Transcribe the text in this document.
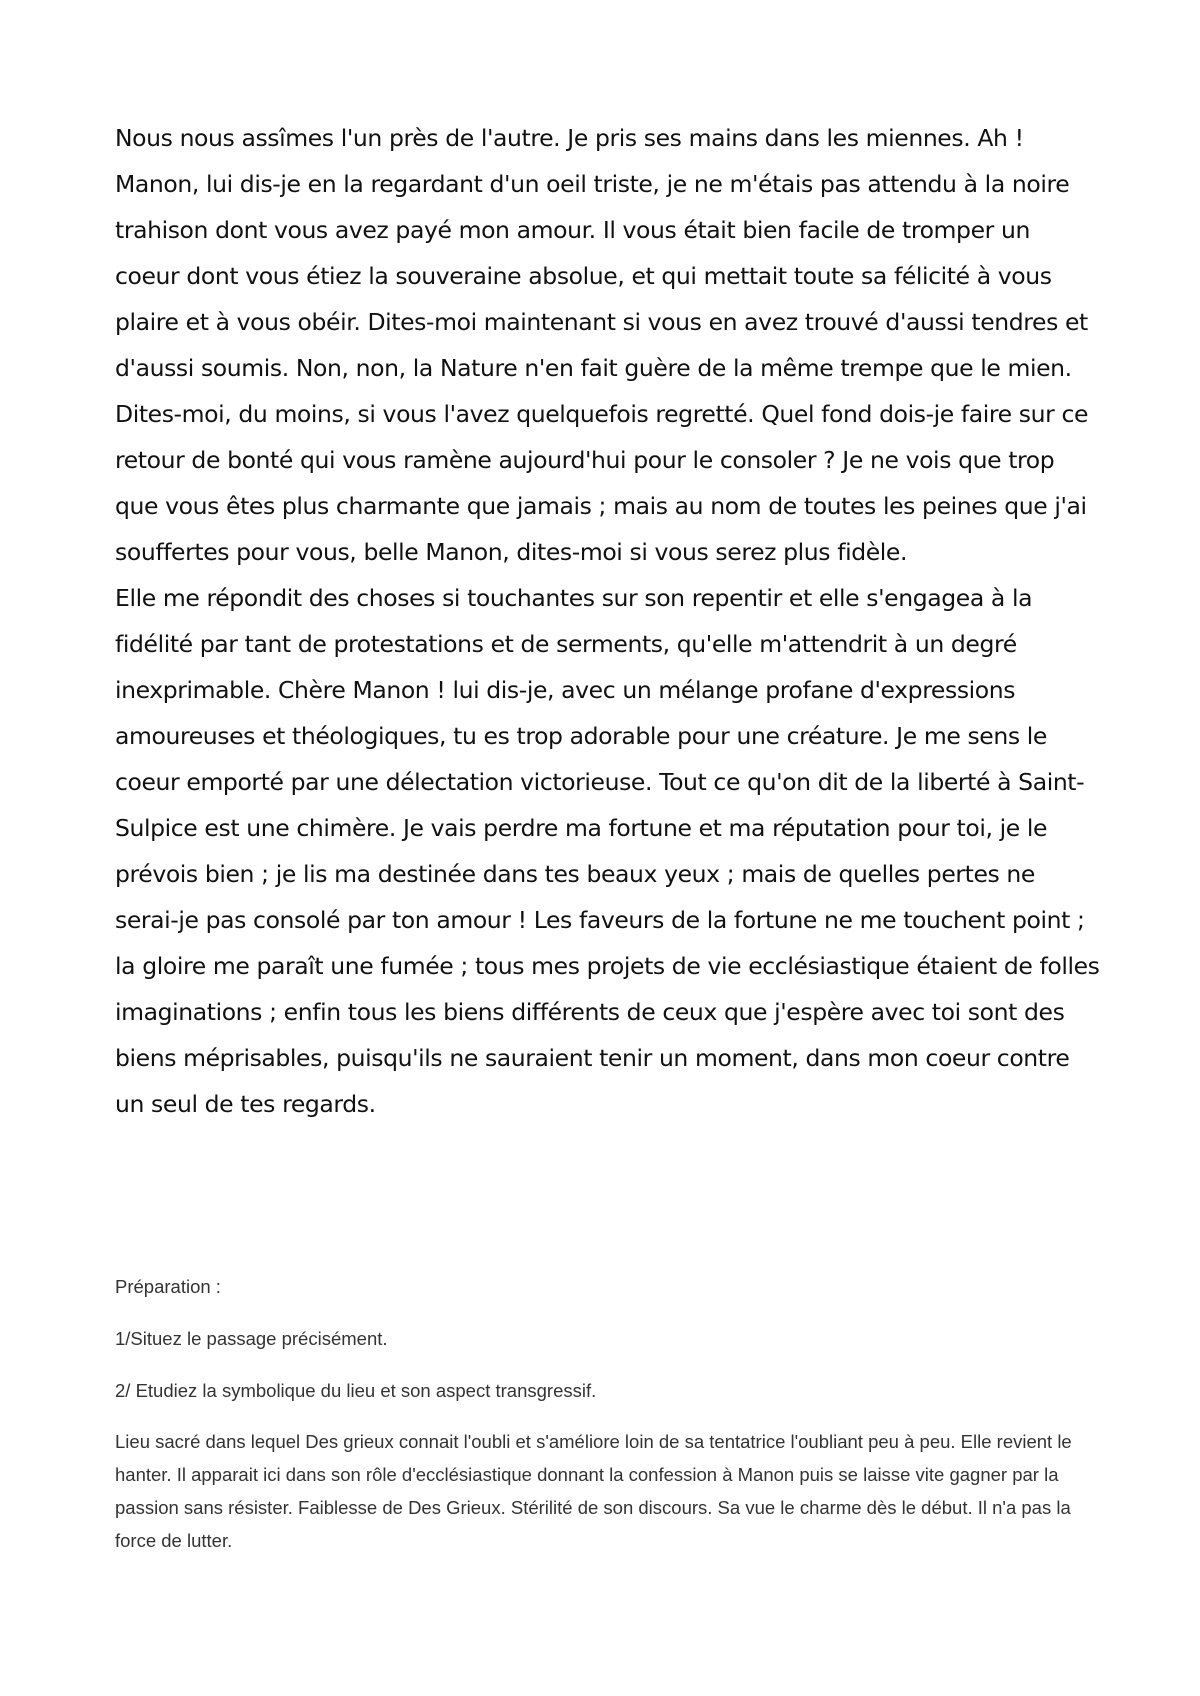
Nous nous assîmes l'un près de l'autre. Je pris ses mains dans les miennes. Ah ! Manon, lui dis-je en la regardant d'un oeil triste, je ne m'étais pas attendu à la noire trahison dont vous avez payé mon amour. Il vous était bien facile de tromper un coeur dont vous étiez la souveraine absolue, et qui mettait toute sa félicité à vous plaire et à vous obéir. Dites-moi maintenant si vous en avez trouvé d'aussi tendres et d'aussi soumis. Non, non, la Nature n'en fait guère de la même trempe que le mien. Dites-moi, du moins, si vous l'avez quelquefois regretté. Quel fond dois-je faire sur ce retour de bonté qui vous ramène aujourd'hui pour le consoler ? Je ne vois que trop que vous êtes plus charmante que jamais ; mais au nom de toutes les peines que j'ai souffertes pour vous, belle Manon, dites-moi si vous serez plus fidèle.

Elle me répondit des choses si touchantes sur son repentir et elle s'engagea à la fidélité par tant de protestations et de serments, qu'elle m'attendrit à un degré inexprimable. Chère Manon ! lui dis-je, avec un mélange profane d'expressions amoureuses et théologiques, tu es trop adorable pour une créature. Je me sens le coeur emporté par une délectation victorieuse. Tout ce qu'on dit de la liberté à Saint-Sulpice est une chimère. Je vais perdre ma fortune et ma réputation pour toi, je le prévois bien ; je lis ma destinée dans tes beaux yeux ; mais de quelles pertes ne serai-je pas consolé par ton amour ! Les faveurs de la fortune ne me touchent point ; la gloire me paraît une fumée ; tous mes projets de vie ecclésiastique étaient de folles imaginations ; enfin tous les biens différents de ceux que j'espère avec toi sont des biens méprisables, puisqu'ils ne sauraient tenir un moment, dans mon coeur contre un seul de tes regards.

Préparation :

1/Situez le passage précisément.

2/ Etudiez la symbolique du lieu et son aspect transgressif.

Lieu sacré dans lequel Des grieux connait l'oubli et s'améliore loin de sa tentatrice l'oubliant peu à peu. Elle revient le hanter. Il apparait ici dans son rôle d'ecclésiastique donnant la confession à Manon puis se laisse vite gagner par la passion sans résister. Faiblesse de Des Grieux. Stérilité de son discours. Sa vue le charme dès le début. Il n'a pas la force de lutter.
